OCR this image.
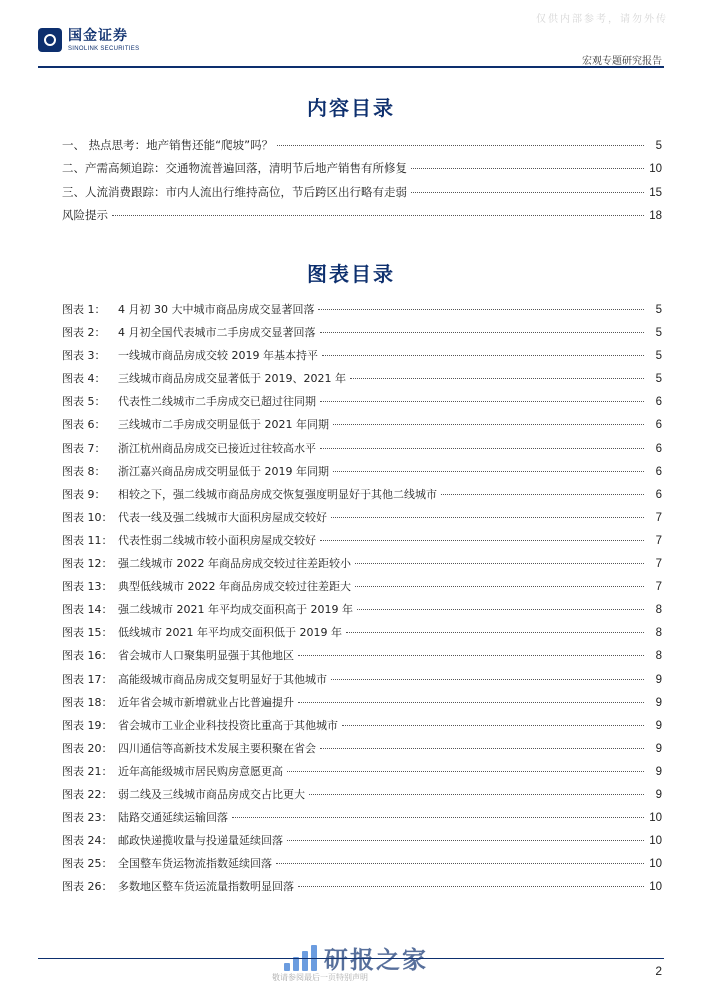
国金证券
SINOLINK SECURITIES
仅供内部参考，请勿外传
宏观专题研究报告
内容目录
一、 热点思考：地产销售还能“爬坡”吗？	5
二、产需高频追踪：交通物流普遍回落，清明节后地产销售有所修复	10
三、人流消费跟踪：市内人流出行维持高位，节后跨区出行略有走弱	15
风险提示	18
图表目录
图表 1：	4 月初 30 大中城市商品房成交显著回落	5
图表 2：	4 月初全国代表城市二手房成交显著回落	5
图表 3：	一线城市商品房成交较 2019 年基本持平	5
图表 4：	三线城市商品房成交显著低于 2019、2021 年	5
图表 5：	代表性二线城市二手房成交已超过往同期	6
图表 6：	三线城市二手房成交明显低于 2021 年同期	6
图表 7：	浙江杭州商品房成交已接近过往较高水平	6
图表 8：	浙江嘉兴商品房成交明显低于 2019 年同期	6
图表 9：	相较之下，强二线城市商品房成交恢复强度明显好于其他二线城市	6
图表 10： 代表一线及强二线城市大面积房屋成交较好	7
图表 11： 代表性弱二线城市较小面积房屋成交较好	7
图表 12： 强二线城市 2022 年商品房成交较过往差距较小	7
图表 13： 典型低线城市 2022 年商品房成交较过往差距大	7
图表 14： 强二线城市 2021 年平均成交面积高于 2019 年	8
图表 15： 低线城市 2021 年平均成交面积低于 2019 年	8
图表 16： 省会城市人口聚集明显强于其他地区	8
图表 17： 高能级城市商品房成交复明显好于其他城市	9
图表 18： 近年省会城市新增就业占比普遍提升	9
图表 19： 省会城市工业企业科技投资比重高于其他城市	9
图表 20： 四川通信等高新技术发展主要积聚在省会	9
图表 21： 近年高能级城市居民购房意愿更高	9
图表 22： 弱二线及三线城市商品房成交占比更大	9
图表 23： 陆路交通延续运输回落	10
图表 24： 邮政快递揽收量与投递量延续回落	10
图表 25： 全国整车货运物流指数延续回落	10
图表 26： 多数地区整车货运流量指数明显回落	10
研报之家
敬请参阅最后一页特别声明	2
